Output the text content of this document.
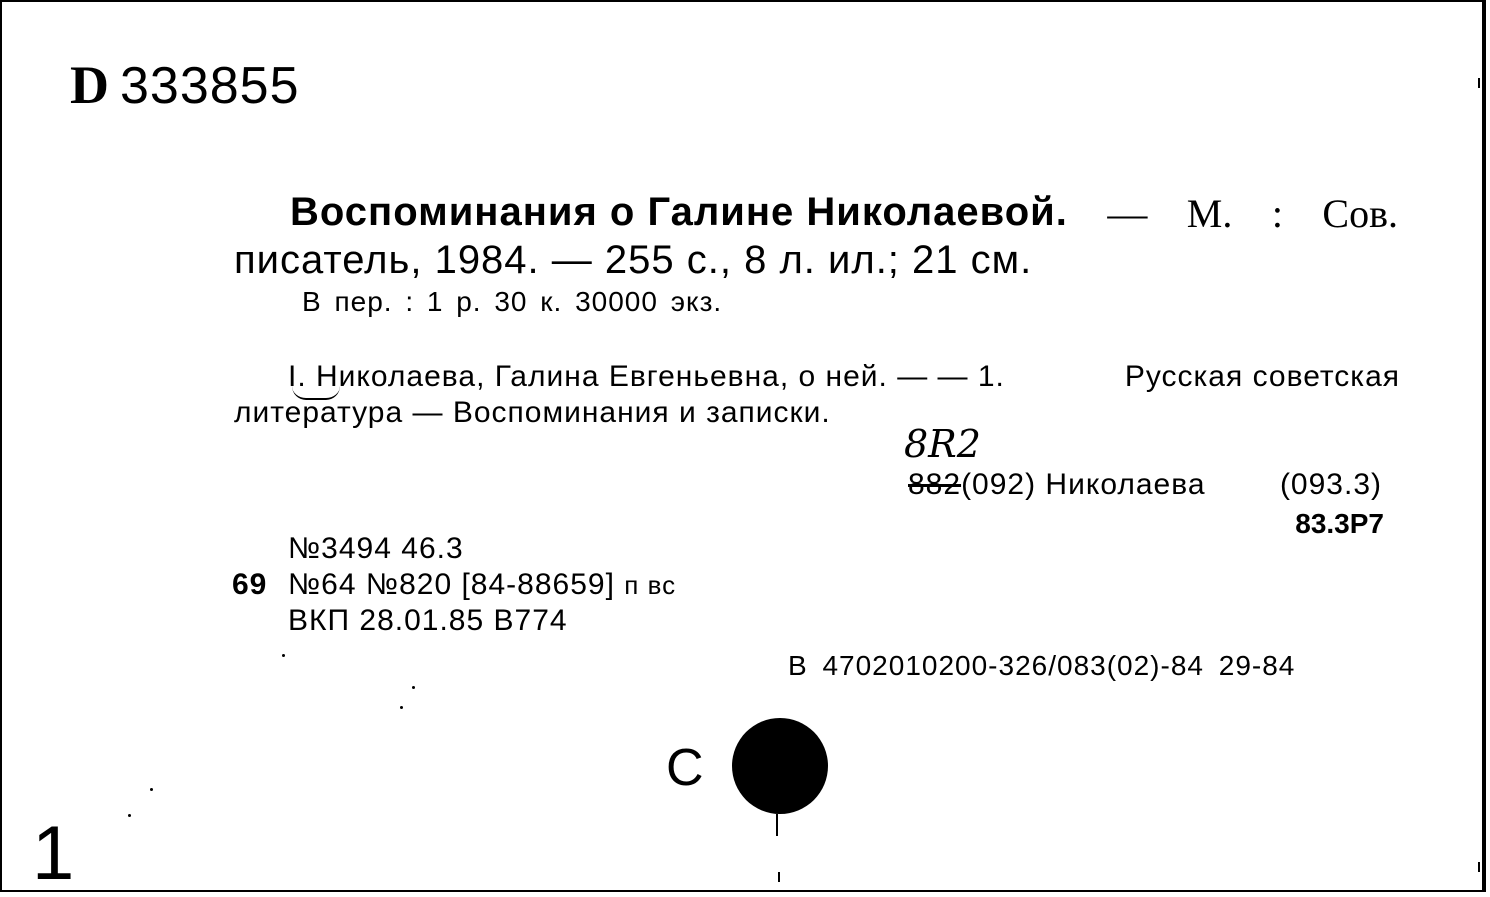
D 333855
Воспоминания о Галине Николаевой. — М. : Сов.
писатель, 1984. — 255 с., 8 л. ил.; 21 см.
В пер. : 1 р. 30 к. 30000 экз.
I. Николаева, Галина Евгеньевна, о ней. — — 1.	Русская советская
литература — Воспоминания и записки.
8R2
882(092) Николаева (093.3)
83.3Р7
№3494 46.3
69 №64 №820 [84-88659] п вс
ВКП 28.01.85 В774
В 4702010200-326/083(02)-84 29-84
С
1
